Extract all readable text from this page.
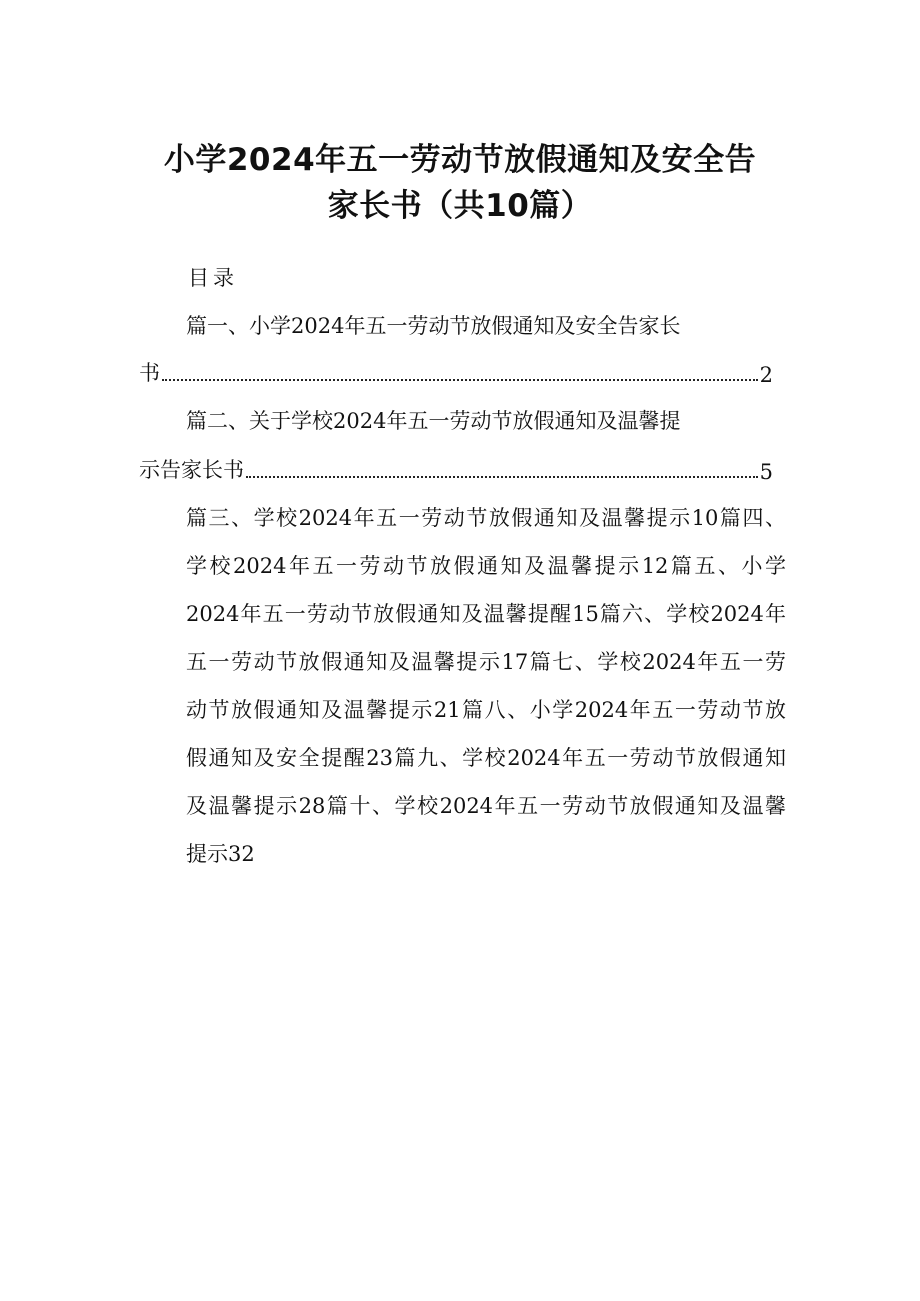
小学2024年五一劳动节放假通知及安全告
家长书（共10篇）
目录
篇一、小学2024年五一劳动节放假通知及安全告家长
书	2
篇二、关于学校2024年五一劳动节放假通知及温馨提
示告家长书	5
篇三、学校2024年五一劳动节放假通知及温馨提示10篇四、
学校2024年五一劳动节放假通知及温馨提示12篇五、小学
2024年五一劳动节放假通知及温馨提醒15篇六、学校2024年
五一劳动节放假通知及温馨提示17篇七、学校2024年五一劳
动节放假通知及温馨提示21篇八、小学2024年五一劳动节放
假通知及安全提醒23篇九、学校2024年五一劳动节放假通知
及温馨提示28篇十、学校2024年五一劳动节放假通知及温馨
提示32
